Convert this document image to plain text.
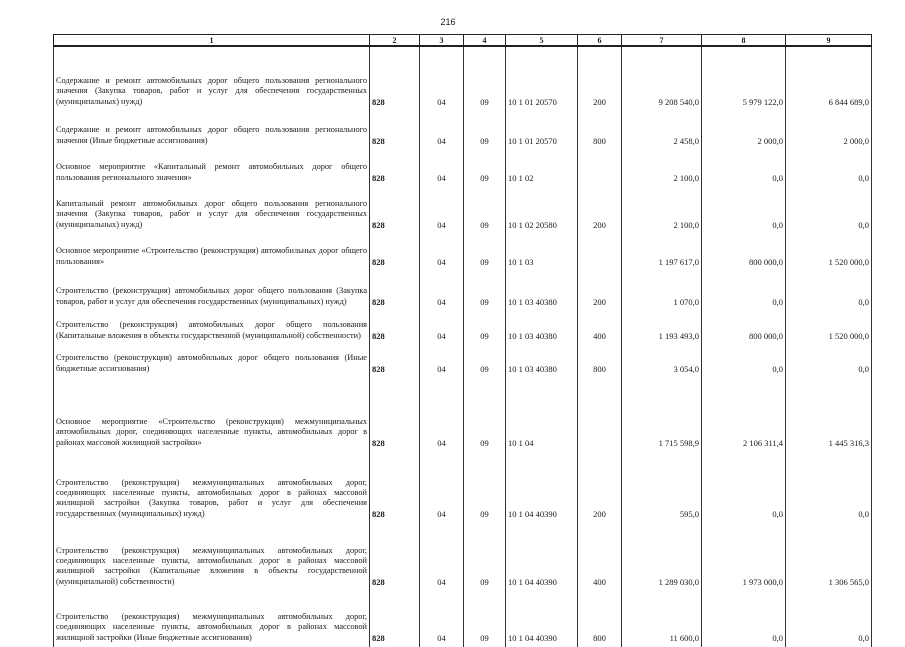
216
1	2	3	4	5	6	7	8	9
Содержание и ремонт автомобильных дорог общего пользования регионального значения (Закупка товаров, работ и услуг для обеспечения государственных (муниципальных) нужд)	828	04	09	10 1 01 20570	200	9 208 540,0	5 979 122,0	6 844 689,0
Содержание и ремонт автомобильных дорог общего пользования регионального значения (Иные бюджетные ассигнования)	828	04	09	10 1 01 20570	800	2 458,0	2 000,0	2 000,0
Основное мероприятие «Капитальный ремонт автомобильных дорог общего пользования регионального значения»	828	04	09	10 1 02		2 100,0	0,0	0,0
Капитальный ремонт автомобильных дорог общего пользования регионального значения (Закупка товаров, работ и услуг для обеспечения государственных (муниципальных) нужд)	828	04	09	10 1 02 20580	200	2 100,0	0,0	0,0
Основное мероприятие «Строительство (реконструкция) автомобильных дорог общего пользования»	828	04	09	10 1 03		1 197 617,0	800 000,0	1 520 000,0
Строительство (реконструкция) автомобильных дорог общего пользования (Закупка товаров, работ и услуг для обеспечения государственных (муниципальных) нужд)	828	04	09	10 1 03 40380	200	1 070,0	0,0	0,0
Строительство (реконструкция) автомобильных дорог общего пользования (Капитальные вложения в объекты государственной (муниципальной) собственности)	828	04	09	10 1 03 40380	400	1 193 493,0	800 000,0	1 520 000,0
Строительство (реконструкция) автомобильных дорог общего пользования (Иные бюджетные ассигнования)	828	04	09	10 1 03 40380	800	3 054,0	0,0	0,0
Основное мероприятие «Строительство (реконструкция) межмуниципальных автомобильных дорог, соединяющих населенные пункты, автомобильных дорог в районах массовой жилищной застройки»	828	04	09	10 1 04		1 715 598,9	2 106 311,4	1 445 316,3
Строительство (реконструкция) межмуниципальных автомобильных дорог, соединяющих населенные пункты, автомобильных дорог в районах массовой жилищной застройки (Закупка товаров, работ и услуг для обеспечения государственных (муниципальных) нужд)	828	04	09	10 1 04 40390	200	595,0	0,0	0,0
Строительство (реконструкция) межмуниципальных автомобильных дорог, соединяющих населенные пункты, автомобильных дорог в районах массовой жилищной застройки (Капитальные вложения в объекты государственной (муниципальной) собственности)	828	04	09	10 1 04 40390	400	1 289 030,0	1 973 000,0	1 306 565,0
Строительство (реконструкция) межмуниципальных автомобильных дорог, соединяющих населенные пункты, автомобильных дорог в районах массовой жилищной застройки (Иные бюджетные ассигнования)	828	04	09	10 1 04 40390	800	11 600,0	0,0	0,0
